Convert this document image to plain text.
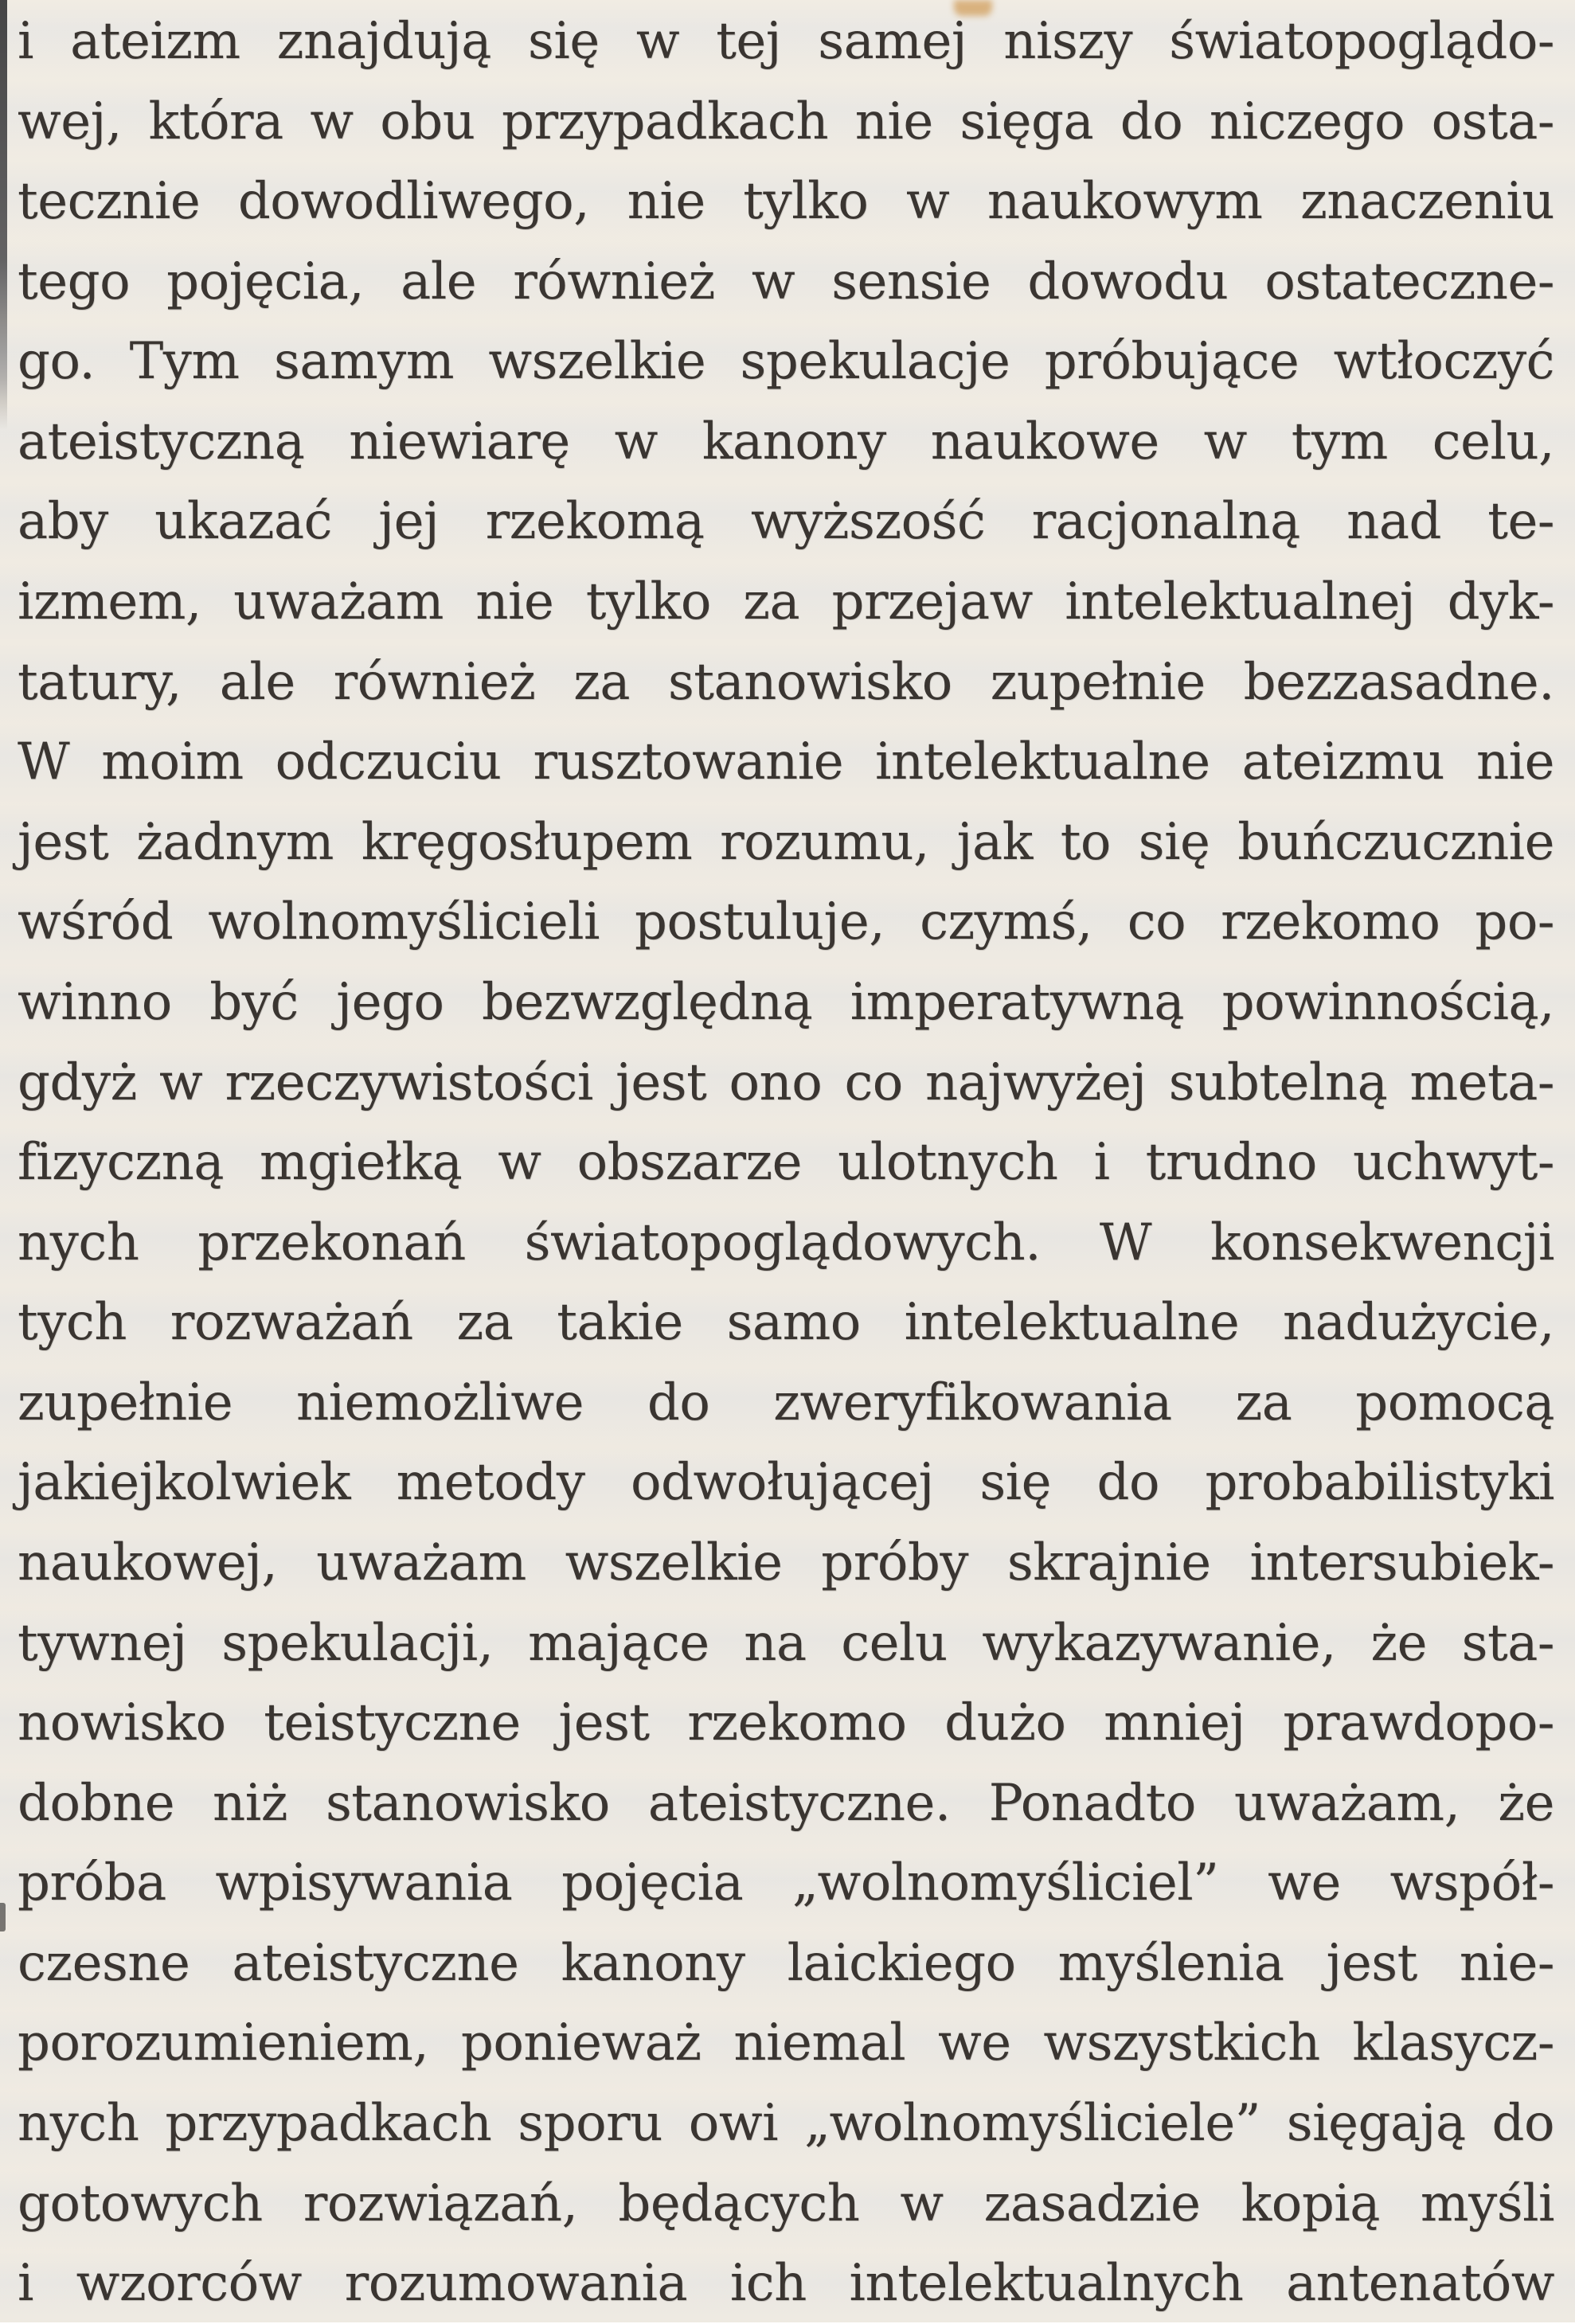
i ateizm znajdują się w tej samej niszy światopoglądo-
wej, która w obu przypadkach nie sięga do niczego osta-
tecznie dowodliwego, nie tylko w naukowym znaczeniu
tego pojęcia, ale również w sensie dowodu ostateczne-
go. Tym samym wszelkie spekulacje próbujące wtłoczyć
ateistyczną niewiarę w kanony naukowe w tym celu,
aby ukazać jej rzekomą wyższość racjonalną nad te-
izmem, uważam nie tylko za przejaw intelektualnej dyk-
tatury, ale również za stanowisko zupełnie bezzasadne.
W moim odczuciu rusztowanie intelektualne ateizmu nie
jest żadnym kręgosłupem rozumu, jak to się buńczucznie
wśród wolnomyślicieli postuluje, czymś, co rzekomo po-
winno być jego bezwzględną imperatywną powinnością,
gdyż w rzeczywistości jest ono co najwyżej subtelną meta-
fizyczną mgiełką w obszarze ulotnych i trudno uchwyt-
nych przekonań światopoglądowych. W konsekwencji
tych rozważań za takie samo intelektualne nadużycie,
zupełnie niemożliwe do zweryfikowania za pomocą
jakiejkolwiek metody odwołującej się do probabilistyki
naukowej, uważam wszelkie próby skrajnie intersubiek-
tywnej spekulacji, mające na celu wykazywanie, że sta-
nowisko teistyczne jest rzekomo dużo mniej prawdopo-
dobne niż stanowisko ateistyczne. Ponadto uważam, że
próba wpisywania pojęcia „wolnomyśliciel” we współ-
czesne ateistyczne kanony laickiego myślenia jest nie-
porozumieniem, ponieważ niemal we wszystkich klasycz-
nych przypadkach sporu owi „wolnomyśliciele” sięgają do
gotowych rozwiązań, będących w zasadzie kopią myśli
i wzorców rozumowania ich intelektualnych antenatów
